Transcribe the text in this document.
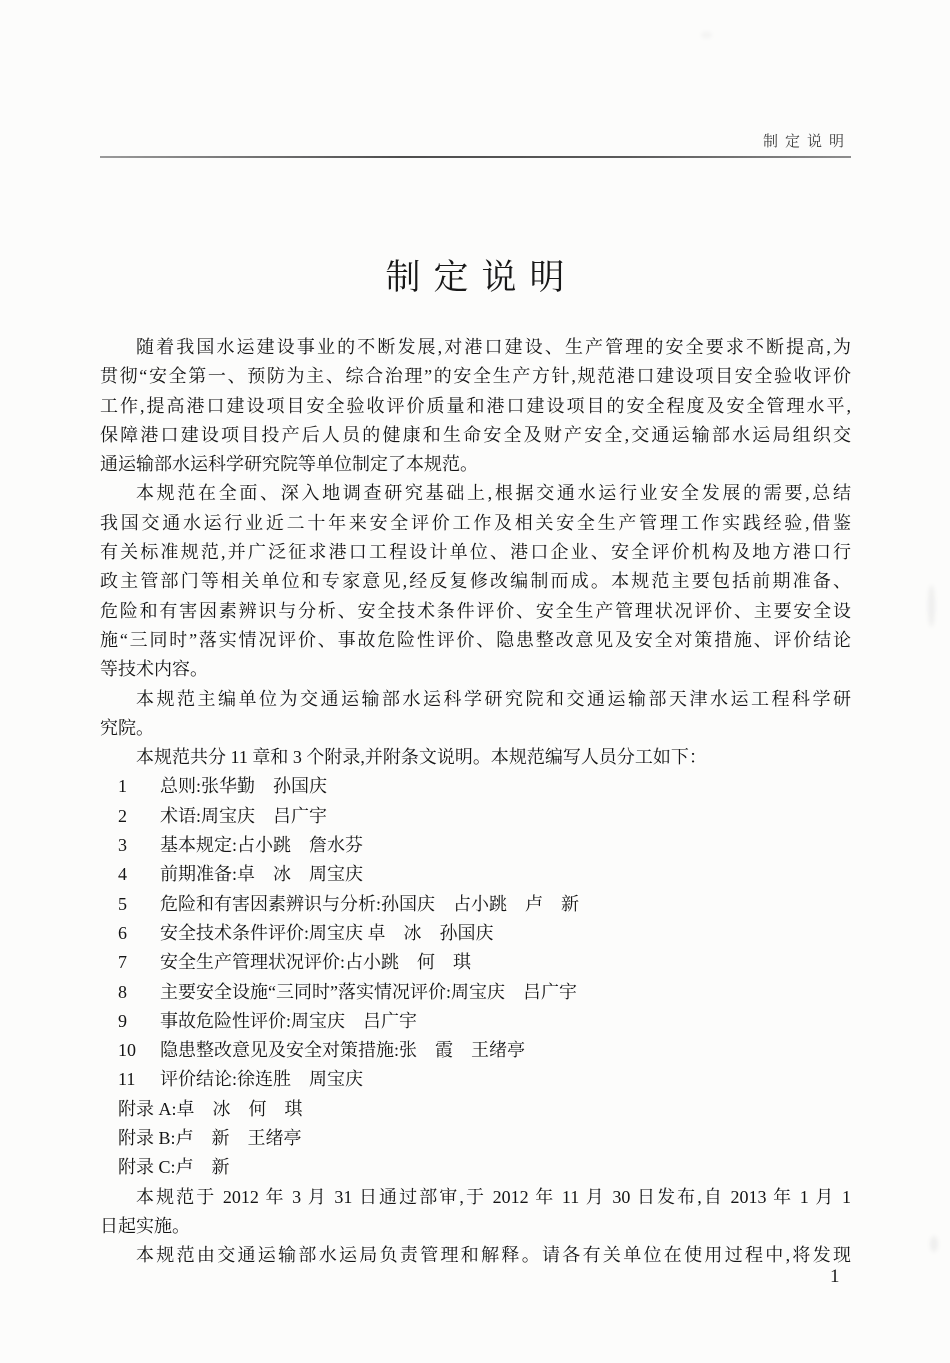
制定说明
制定说明
随着我国水运建设事业的不断发展,对港口建设、生产管理的安全要求不断提高,为
贯彻“安全第一、预防为主、综合治理”的安全生产方针,规范港口建设项目安全验收评价
工作,提高港口建设项目安全验收评价质量和港口建设项目的安全程度及安全管理水平,
保障港口建设项目投产后人员的健康和生命安全及财产安全,交通运输部水运局组织交
通运输部水运科学研究院等单位制定了本规范。
本规范在全面、深入地调查研究基础上,根据交通水运行业安全发展的需要,总结
我国交通水运行业近二十年来安全评价工作及相关安全生产管理工作实践经验,借鉴
有关标准规范,并广泛征求港口工程设计单位、港口企业、安全评价机构及地方港口行
政主管部门等相关单位和专家意见,经反复修改编制而成。本规范主要包括前期准备、
危险和有害因素辨识与分析、安全技术条件评价、安全生产管理状况评价、主要安全设
施“三同时”落实情况评价、事故危险性评价、隐患整改意见及安全对策措施、评价结论
等技术内容。
本规范主编单位为交通运输部水运科学研究院和交通运输部天津水运工程科学研
究院。
本规范共分 11 章和 3 个附录,并附条文说明。本规范编写人员分工如下：
1	总则:张华勤　孙国庆
2	术语:周宝庆　吕广宇
3	基本规定:占小跳　詹水芬
4	前期准备:卓　冰　周宝庆
5	危险和有害因素辨识与分析:孙国庆　占小跳　卢　新
6	安全技术条件评价:周宝庆 卓　冰　孙国庆
7	安全生产管理状况评价:占小跳　何　琪
8	主要安全设施“三同时”落实情况评价:周宝庆　吕广宇
9	事故危险性评价:周宝庆　吕广宇
10	隐患整改意见及安全对策措施:张　霞　王绪亭
11	评价结论:徐连胜　周宝庆
附录 A:卓　冰　何　琪
附录 B:卢　新　王绪亭
附录 C:卢　新
本规范于 2012 年 3 月 31 日通过部审,于 2012 年 11 月 30 日发布,自 2013 年 1 月 1
日起实施。
本规范由交通运输部水运局负责管理和解释。请各有关单位在使用过程中,将发现
1
